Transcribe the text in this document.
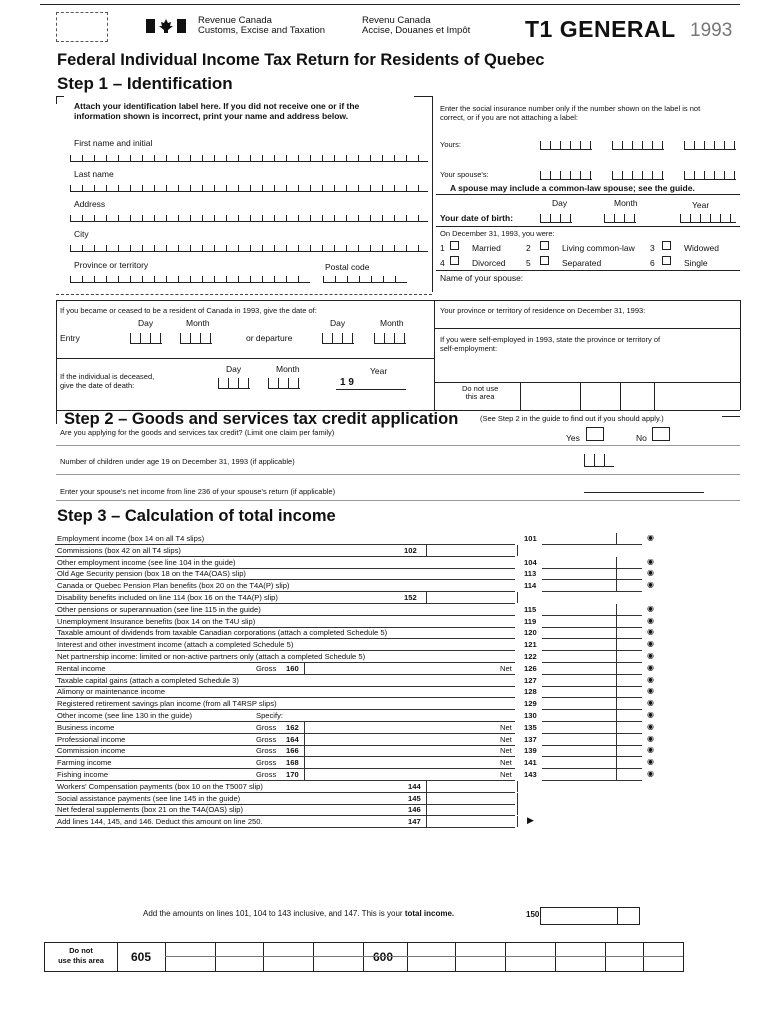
Revenue Canada
Customs, Excise and Taxation
Revenu Canada
Accise, Douanes et Impôt T1 GENERAL 1993
Federal Individual Income Tax Return for Residents of Quebec
Step 1 – Identification
Attach your identification label here. If you did not receive one or if the
information shown is incorrect, print your name and address below.
First name and initial
Last name
Address
City
Province or territory	Postal code
Enter the social insurance number only if the number shown on the label is not
correct, or if you are not attaching a label:
Yours:
Your spouse's:
A spouse may include a common-law spouse; see the guide.
Day	Month	Year
Your date of birth:
On December 31, 1993, you were:
1	Married	2	Living common-law 3	Widowed
4	Divorced 5	Separated	6	Single
Name of your spouse:
If you became or ceased to be a resident of Canada in 1993, give the date of:
Day	Month	Day	Month
Entry	or departure
Day	Month	Year
If the individual is deceased,
give the date of death:	1 9
Your province or territory of residence on December 31, 1993:
If you were self-employed in 1993, state the province or territory of
self-employment:
Do not use
this area
Step 2 – Goods and services tax credit application	(See Step 2 in the guide to find out if you should apply.)
Are you applying for the goods and services tax credit? (Limit one claim per family)
Yes	No
Number of children under age 19 on December 31, 1993 (if applicable)
Enter your spouse's net income from line 236 of your spouse's return (if applicable)
Step 3 – Calculation of total income
Employment income (box 14 on all T4 slips)	101	◉
Commissions (box 42 on all T4 slips)	102
Other employment income (see line 104 in the guide)	104	◉
Old Age Security pension (box 18 on the T4A(OAS) slip)	113	◉
Canada or Quebec Pension Plan benefits (box 20 on the T4A(P) slip)	114	◉
Disability benefits included on line 114 (box 16 on the T4A(P) slip)	152
Other pensions or superannuation (see line 115 in the guide)	115	◉
Unemployment Insurance benefits (box 14 on the T4U slip)	119	◉
Taxable amount of dividends from taxable Canadian corporations (attach a completed Schedule 5)	120	◉
Interest and other investment income (attach a completed Schedule 5)	121	◉
Net partnership income: limited or non-active partners only (attach a completed Schedule 5)	122	◉
Rental income	Gross 160	Net 126	◉
Taxable capital gains (attach a completed Schedule 3)	127	◉
Alimony or maintenance income	128	◉
Registered retirement savings plan income (from all T4RSP slips)	129	◉
Other income (see line 130 in the guide)	Specify:	130	◉
Business income	Gross 162	Net 135	◉
Professional income	Gross 164	Net 137	◉
Commission income	Gross 166	Net 139	◉
Farming income	Gross 168	Net 141	◉
Fishing income	Gross 170	Net 143	◉
Workers' Compensation payments (box 10 on the T5007 slip)	144
Social assistance payments (see line 145 in the guide)	145
Net federal supplements (box 21 on the T4A(OAS) slip)	146
Add lines 144, 145, and 146. Deduct this amount on line 250.	147	▶
Add the amounts on lines 101, 104 to 143 inclusive, and 147. This is your total income.	150
Do not
use this area	605	600
